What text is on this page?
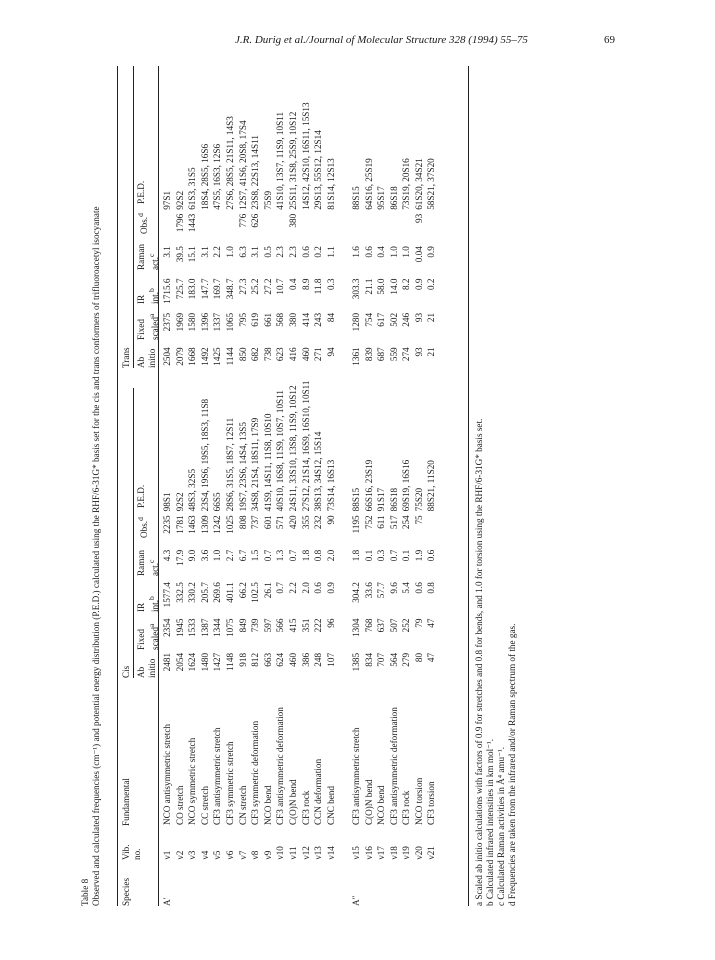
J.R. Durig et al./Journal of Molecular Structure 328 (1994) 55–75	69
Table 8 Observed and calculated frequencies (cm⁻¹) and potential energy distribution (P.E.D.) calculated using the RHF/6-31G* basis set for the cis and trans conformers of trifluoroacetyl isocyanate Species
Vib. no.
Fundamental
Cis
Trans
Ab initio
Fixed scaled$^a$
IR int.$^b$
Raman act.$^c$
Obs.$^d$
P.E.D.
Ab initio
Fixed scaled$^a$
IR int.$^b$
Raman act.$^c$
Obs.$^d$
P.E.D.
A′	ν1	NCO antisymmetric stretch	2481	2354	1577.4	4.3	2235	98S1	2504	2375	1715.6	3.1		97S1
	ν2	CO stretch	2054	1945	332.5	17.9	1781	92S2	2079	1969	725.7	39.5	1796	92S2
	ν3	NCO symmetric stretch	1624	1533	330.2	9.0	1463	48S3, 32S5	1668	1580	183.0	15.1	1443	61S3, 31S5
	ν4	CC stretch	1480	1387	205.7	3.6	1309	23S4, 19S6, 19S5, 18S3, 11S8	1492	1396	147.7	3.1		18S4, 28S5, 16S6
	ν5	CF3 antisymmetric stretch	1427	1344	269.6	1.0	1242	66S5	1425	1337	169.7	2.2		47S5, 16S3, 12S6
	ν6	CF3 symmetric stretch	1148	1075	401.1	2.7	1025	28S6, 31S5, 18S7, 12S11	1144	1065	348.7	1.0		27S6, 28S5, 21S11, 14S3
	ν7	CN stretch	918	849	66.2	6.7	808	19S7, 23S6, 14S4, 13S5	850	795	27.3	6.3	776	12S7, 41S6, 20S8, 17S4
	ν8	CF3 symmetric deformation	812	739	102.5	1.5	737	34S8, 21S4, 18S11, 17S9	682	619	25.2	3.1	626	23S8, 22S13, 14S11
	ν9	NCO bend	663	597	26.1	0.7	601	41S9, 14S11, 11S8, 10S10	738	661	27.2	0.5		75S9
	ν10	CF3 antisymmetric deformation	624	566	0.7	1.3	571	40S10, 16S8, 11S9, 10S7, 10S11	623	568	10.7	2.3		41S10, 13S7, 11S9, 10S11
	ν11	C(O)N bend	460	415	2.2	0.7	420	24S11, 33S10, 13S8, 11S9, 10S12	416	380	0.4	2.3	380	25S11, 31S8, 25S9, 10S12
	ν12	CF3 rock	386	351	2.0	1.8	355	27S12, 21S14, 16S9, 16S10, 10S11	460	414	8.9	0.6		14S12, 42S10, 16S11, 15S13
	ν13	CCN deformation	248	222	0.6	0.8	232	38S13, 34S12, 15S14	271	243	11.8	0.2		29S13, 55S12, 12S14
	ν14	CNC bend	107	96	0.9	2.0	90	73S14, 16S13	94	84	0.3	1.1		81S14, 12S13

A″	ν15	CF3 antisymmetric stretch	1385	1304	304.2	1.8	1195	88S15	1361	1280	303.3	1.6		88S15
	ν16	C(O)N bend	834	768	33.6	0.1	752	66S16, 23S19	839	754	21.1	0.6		64S16, 25S19
	ν17	NCO bend	707	637	57.7	0.3	611	91S17	687	617	58.0	0.4		95S17
	ν18	CF3 antisymmetric deformation	564	507	9.6	0.7	517	86S18	559	502	14.0	1.0		86S18
	ν19	CF3 rock	279	252	5.4	0.1	254	69S19, 16S16	274	246	8.2	1.0		73S19, 20S16
	ν20	NCO torsion	80	79	0.6	1.9	75	75S20	93	93	0.9	0.04	93	61S20, 34S21
	ν21	CF3 torsion	47	47	0.8	0.6		88S21, 11S20	21	21	0.2	0.9		58S21, 37S20
a Scaled ab initio calculations with factors of 0.9 for stretches and 0.8 for bends, and 1.0 for torsion using the RHF/6-31G* basis set. b Calculated infrared intensities in km mol⁻¹. c Calculated Raman activities in Å⁴ amu⁻¹. d Frequencies are taken from the infrared and/or Raman spectrum of the gas.
